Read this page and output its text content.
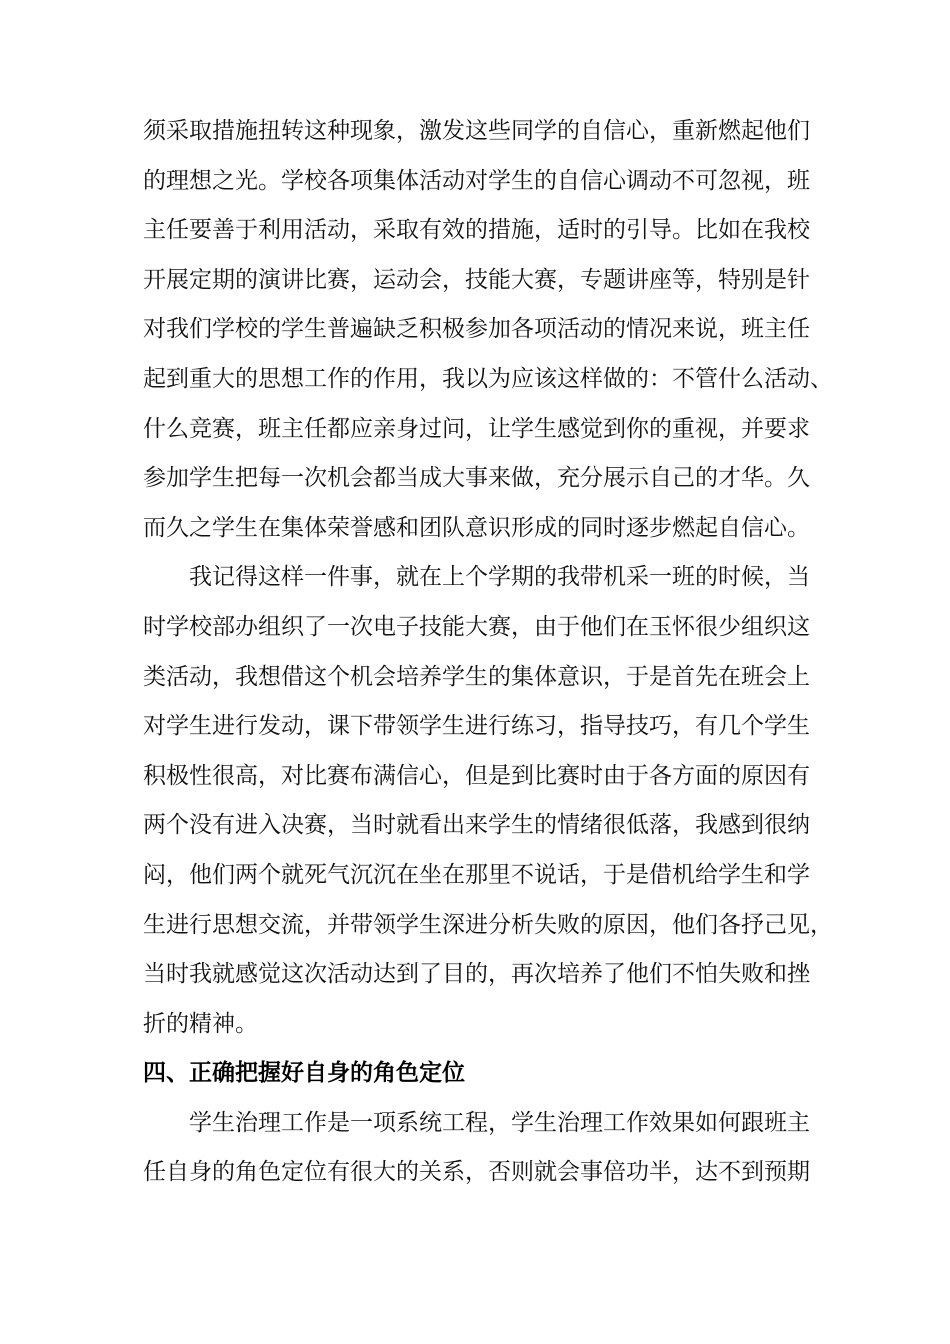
须采取措施扭转这种现象，激发这些同学的自信心，重新燃起他们
的理想之光。学校各项集体活动对学生的自信心调动不可忽视，班
主任要善于利用活动，采取有效的措施，适时的引导。比如在我校
开展定期的演讲比赛，运动会，技能大赛，专题讲座等，特别是针
对我们学校的学生普遍缺乏积极参加各项活动的情况来说，班主任
起到重大的思想工作的作用，我以为应该这样做的：不管什么活动、
什么竞赛，班主任都应亲身过问，让学生感觉到你的重视，并要求
参加学生把每一次机会都当成大事来做，充分展示自己的才华。久
而久之学生在集体荣誉感和团队意识形成的同时逐步燃起自信心。

我记得这样一件事，就在上个学期的我带机采一班的时候，当
时学校部办组织了一次电子技能大赛，由于他们在玉怀很少组织这
类活动，我想借这个机会培养学生的集体意识，于是首先在班会上
对学生进行发动，课下带领学生进行练习，指导技巧，有几个学生
积极性很高，对比赛布满信心，但是到比赛时由于各方面的原因有
两个没有进入决赛，当时就看出来学生的情绪很低落，我感到很纳
闷，他们两个就死气沉沉在坐在那里不说话，于是借机给学生和学
生进行思想交流，并带领学生深进分析失败的原因，他们各抒己见，
当时我就感觉这次活动达到了目的，再次培养了他们不怕失败和挫
折的精神。

四、正确把握好自身的角色定位

学生治理工作是一项系统工程，学生治理工作效果如何跟班主
任自身的角色定位有很大的关系，否则就会事倍功半，达不到预期
